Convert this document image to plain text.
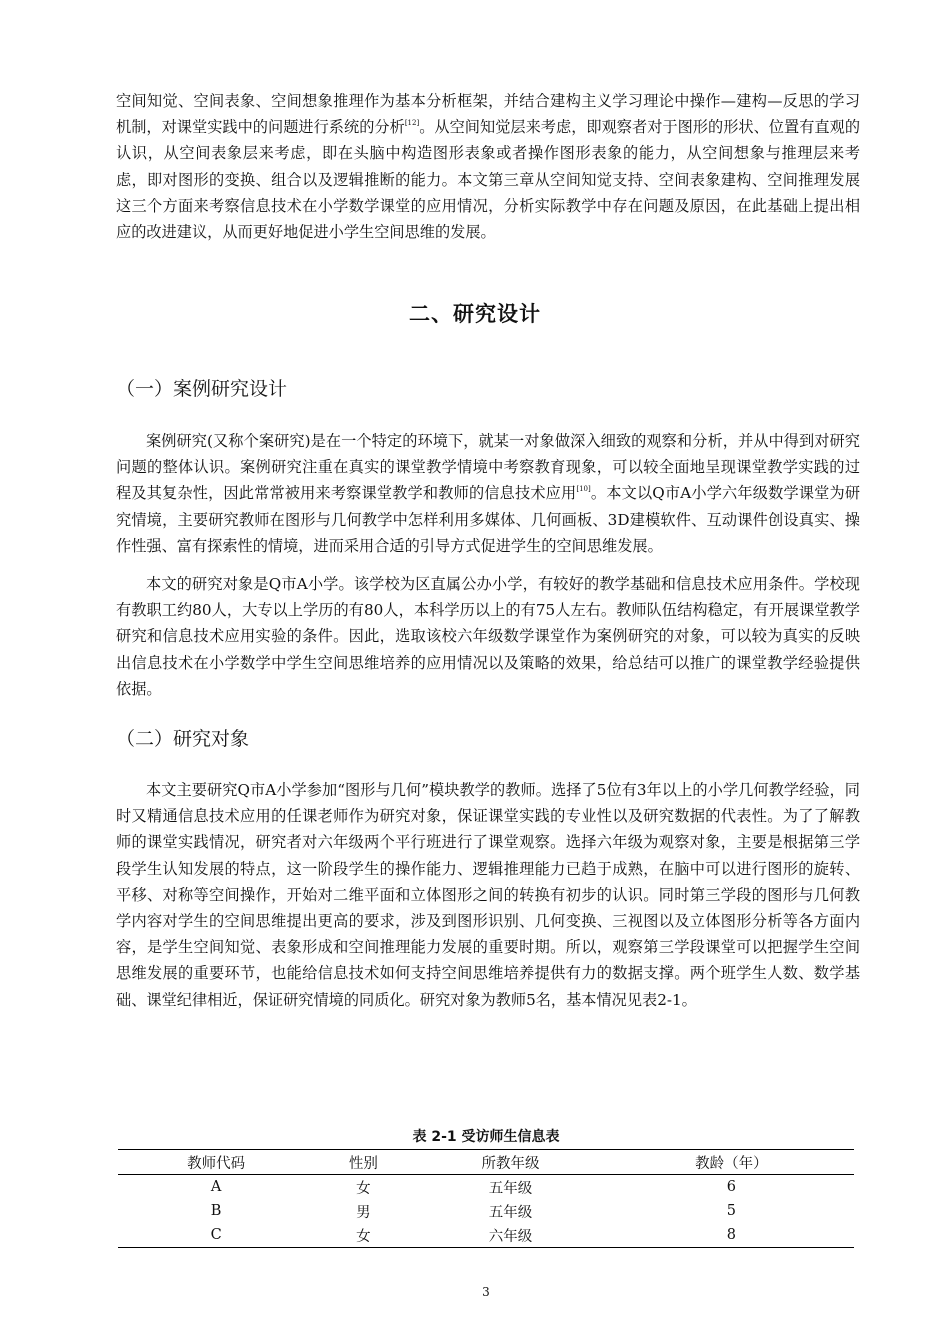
空间知觉、空间表象、空间想象推理作为基本分析框架，并结合建构主义学习理论中操作—建构—反思的学习机制，对课堂实践中的问题进行系统的分析[12]。从空间知觉层来考虑，即观察者对于图形的形状、位置有直观的认识，从空间表象层来考虑，即在头脑中构造图形表象或者操作图形表象的能力，从空间想象与推理层来考虑，即对图形的变换、组合以及逻辑推断的能力。本文第三章从空间知觉支持、空间表象建构、空间推理发展这三个方面来考察信息技术在小学数学课堂的应用情况，分析实际教学中存在问题及原因，在此基础上提出相应的改进建议，从而更好地促进小学生空间思维的发展。

二、研究设计
（一）案例研究设计

案例研究(又称个案研究)是在一个特定的环境下，就某一对象做深入细致的观察和分析，并从中得到对研究问题的整体认识。案例研究注重在真实的课堂教学情境中考察教育现象，可以较全面地呈现课堂教学实践的过程及其复杂性，因此常常被用来考察课堂教学和教师的信息技术应用[10]。本文以Q市A小学六年级数学课堂为研究情境，主要研究教师在图形与几何教学中怎样利用多媒体、几何画板、3D建模软件、互动课件创设真实、操作性强、富有探索性的情境，进而采用合适的引导方式促进学生的空间思维发展。

本文的研究对象是Q市A小学。该学校为区直属公办小学，有较好的教学基础和信息技术应用条件。学校现有教职工约80人，大专以上学历的有80人，本科学历以上的有75人左右。教师队伍结构稳定，有开展课堂教学研究和信息技术应用实验的条件。因此，选取该校六年级数学课堂作为案例研究的对象，可以较为真实的反映出信息技术在小学数学中学生空间思维培养的应用情况以及策略的效果，给总结可以推广的课堂教学经验提供依据。

（二）研究对象

本文主要研究Q市A小学参加“图形与几何”模块教学的教师。选择了5位有3年以上的小学几何教学经验，同时又精通信息技术应用的任课老师作为研究对象，保证课堂实践的专业性以及研究数据的代表性。为了了解教师的课堂实践情况，研究者对六年级两个平行班进行了课堂观察。选择六年级为观察对象，主要是根据第三学段学生认知发展的特点，这一阶段学生的操作能力、逻辑推理能力已趋于成熟，在脑中可以进行图形的旋转、平移、对称等空间操作，开始对二维平面和立体图形之间的转换有初步的认识。同时第三学段的图形与几何教学内容对学生的空间思维提出更高的要求，涉及到图形识别、几何变换、三视图以及立体图形分析等各方面内容，是学生空间知觉、表象形成和空间推理能力发展的重要时期。所以，观察第三学段课堂可以把握学生空间思维发展的重要环节，也能给信息技术如何支持空间思维培养提供有力的数据支撑。两个班学生人数、数学基础、课堂纪律相近，保证研究情境的同质化。研究对象为教师5名，基本情况见表2-1。

表 2-1 受访师生信息表
教师代码	性别	所教年级	教龄（年）
A	女	五年级	6
B	男	五年级	5
C	女	六年级	8
3
